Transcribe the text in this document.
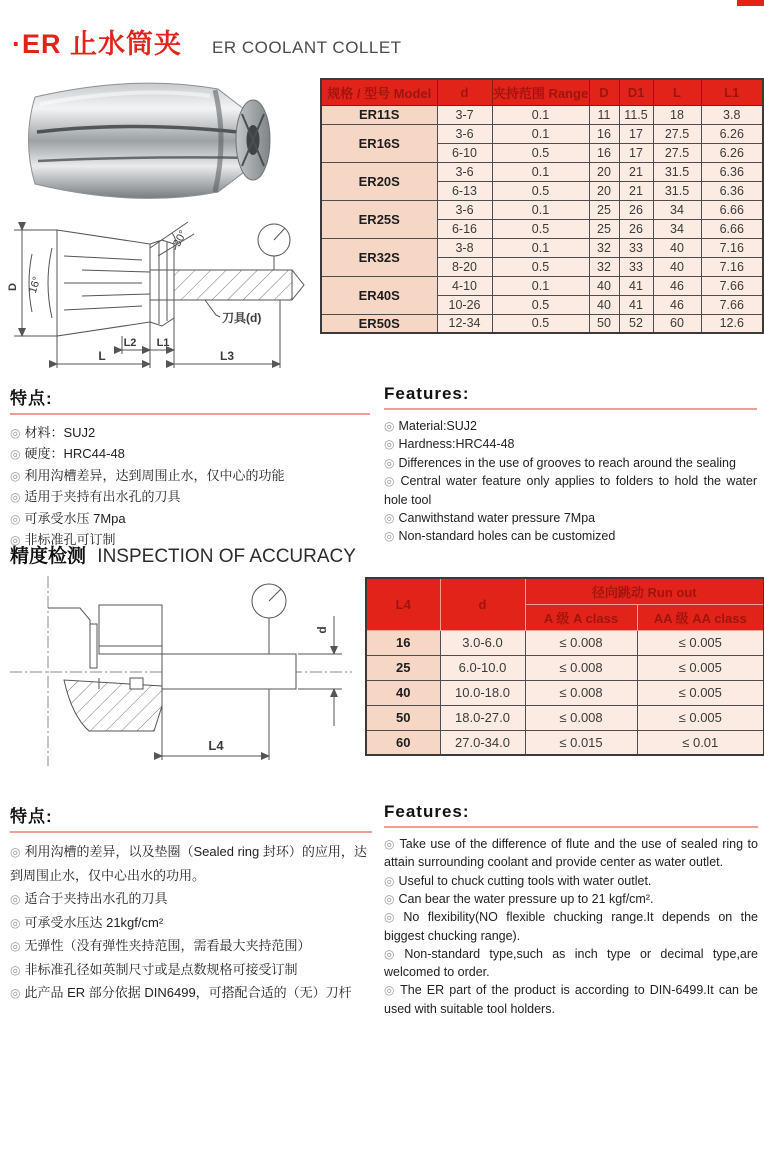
·ER 止水筒夹 ER COOLANT COLLET
D 16°
30°
L2 L1
L	L3
刀具(d)
规格 / 型号 Model	d	夹持范围 Range	D	D1	L	L1
ER11S	3-7	0.1	11	11.5	18	3.8
ER16S	3-6	0.1	16	17	27.5	6.26
	6-10	0.5	16	17	27.5	6.26
ER20S	3-6	0.1	20	21	31.5	6.36
	6-13	0.5	20	21	31.5	6.36
ER25S	3-6	0.1	25	26	34	6.66
	6-16	0.5	25	26	34	6.66
ER32S	3-8	0.1	32	33	40	7.16
	8-20	0.5	32	33	40	7.16
ER40S	4-10	0.1	40	41	46	7.66
	10-26	0.5	40	41	46	7.66
ER50S	12-34	0.5	50	52	60	12.6
特点:
◎ 材料：SUJ2
◎ 硬度：HRC44-48
◎ 利用沟槽差异，达到周围止水，仅中心的功能
◎ 适用于夹持有出水孔的刀具
◎ 可承受水压 7Mpa
◎ 非标准孔可订制
Features:
◎ Material:SUJ2
◎ Hardness:HRC44-48
◎ Differences in the use of grooves to reach around the sealing
◎ Central water feature only applies to folders to hold the water hole tool
◎ Canwithstand water pressure 7Mpa
◎ Non-standard holes can be customized
精度检测 INSPECTION OF ACCURACY
d
L4
L4	d	径向跳动 Run out	
		A 级 A class	AA 级 AA class
16	3.0-6.0	≤ 0.008	≤ 0.005
25	6.0-10.0	≤ 0.008	≤ 0.005
40	10.0-18.0	≤ 0.008	≤ 0.005
50	18.0-27.0	≤ 0.008	≤ 0.005
60	27.0-34.0	≤ 0.015	≤ 0.01
特点:
◎ 利用沟槽的差异，以及垫圈（Sealed ring 封环）的应用，达到周围止水，仅中心出水的功用。
◎ 适合于夹持出水孔的刀具
◎ 可承受水压达 21kgf/cm²
◎ 无弹性（没有弹性夹持范围，需看最大夹持范围）
◎ 非标准孔径如英制尺寸或是点数规格可接受订制
◎ 此产品 ER 部分依据 DIN6499，可搭配合适的（无）刀杆
Features:
◎ Take use of the difference of flute and the use of sealed ring to attain surrounding coolant and provide center as water outlet.
◎ Useful to chuck cutting tools with water outlet.
◎ Can bear the water pressure up to 21 kgf/cm².
◎ No flexibility(NO flexible chucking range.It depends on the biggest chucking range).
◎ Non-standard type,such as inch type or decimal type,are welcomed to order.
◎ The ER part of the product is according to DIN-6499.It can be used with suitable tool holders.
